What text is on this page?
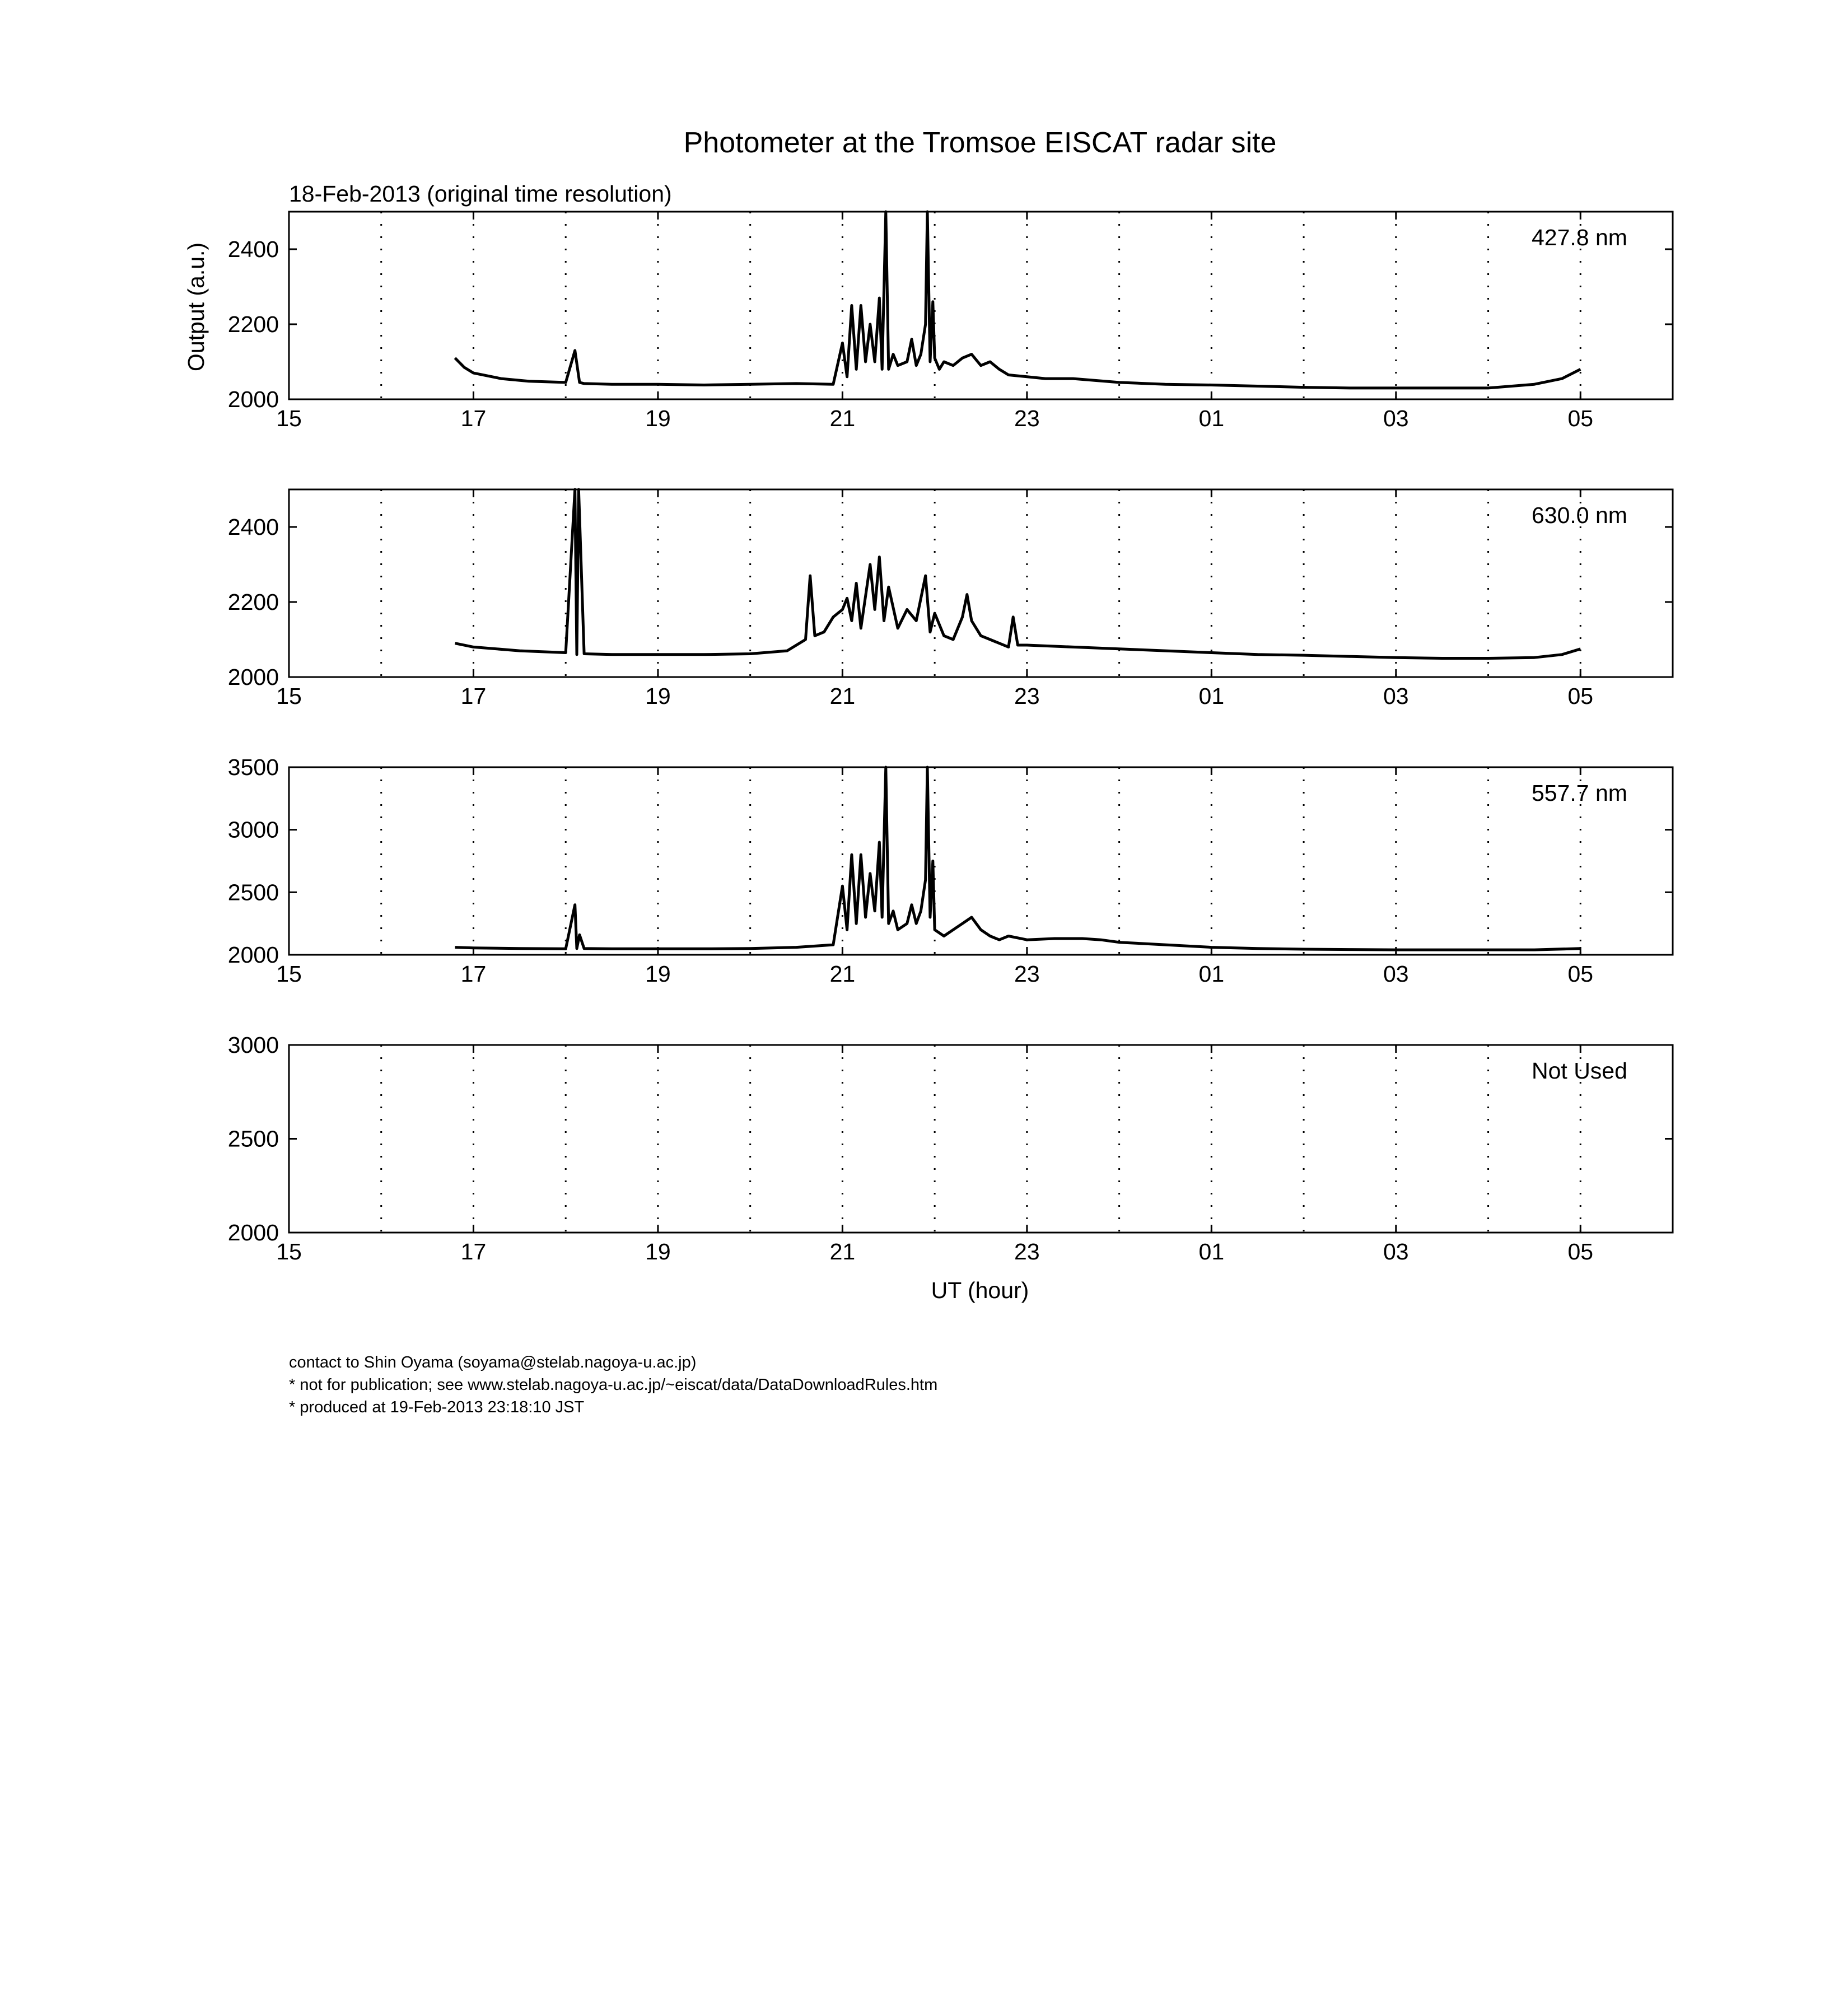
Photometer at the Tromsoe EISCAT radar site
18-Feb-2013 (original time resolution)
Output (a.u.)
UT (hour)
contact to Shin Oyama (soyama@stelab.nagoya-u.ac.jp)
* not for publication; see www.stelab.nagoya-u.ac.jp/~eiscat/data/DataDownloadRules.htm
* produced at 19-Feb-2013 23:18:10 JST
15	17	19	21	23	01	03	05
2000
2200
2400	427.8 nm
15	17	19	21	23	01	03	05
2000
2200
2400	630.0 nm
15	17	19	21	23	01	03	05
2000
2500
3000
3500
557.7 nm
15	17	19	21	23	01	03	05
2000
2500
3000
Not Used
